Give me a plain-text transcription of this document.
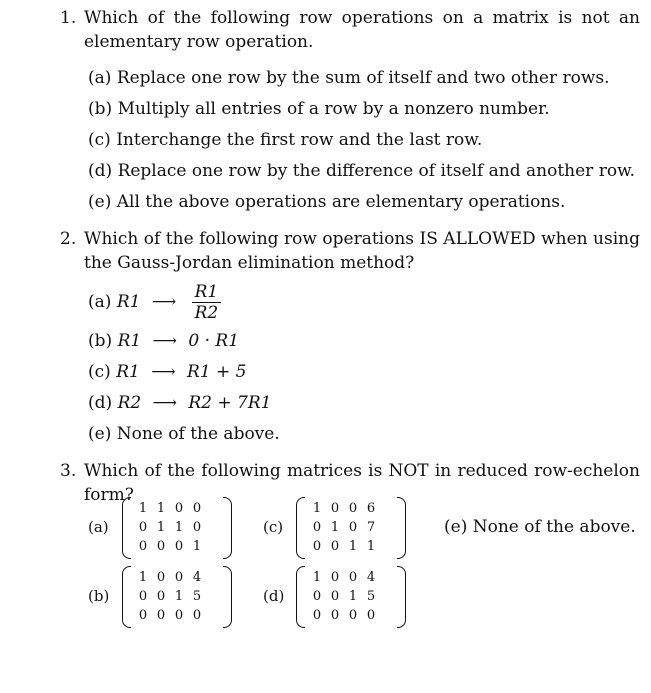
1. Which of the following row operations on a matrix is not an elementary row operation.
(a) Replace one row by the sum of itself and two other rows.
(b) Multiply all entries of a row by a nonzero number.
(c) Interchange the first row and the last row.
(d) Replace one row by the difference of itself and another row.
(e) All the above operations are elementary operations.
2. Which of the following row operations IS ALLOWED when using the Gauss-Jordan elimination method?
(a) R1 ⟶ $\frac{R1}{R2}$
(b) R1 ⟶ 0 · R1
(c) R1 ⟶ R1 + 5
(d) R2 ⟶ R2 + 7R1
(e) None of the above.
3. Which of the following matrices is NOT in reduced row-echelon form?
(a)
1 1 0 0
0 1 1 0
0 0 0 1
(c)
1 0 0 6
0 1 0 7
0 0 1 1
(e) None of the above.
(b)
1 0 0 4
0 0 1 5
0 0 0 0
(d)
1 0 0 4
0 0 1 5
0 0 0 0
